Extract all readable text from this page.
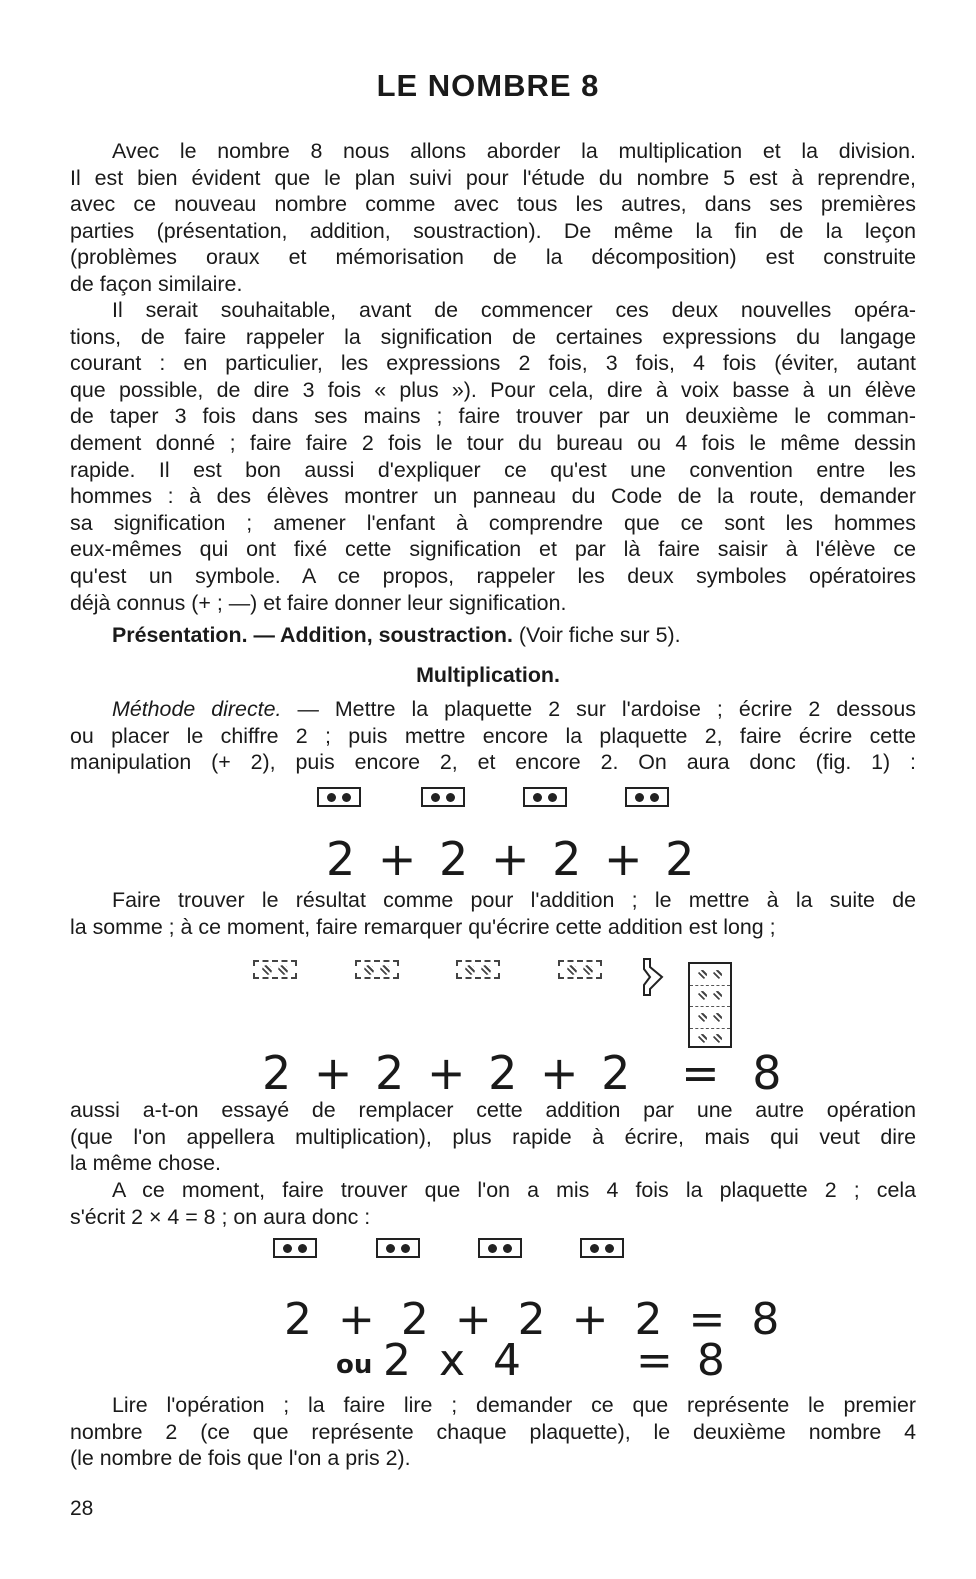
LE NOMBRE 8
Avec le nombre 8 nous allons aborder la multiplication et la division.
Il est bien évident que le plan suivi pour l'étude du nombre 5 est à reprendre,
avec ce nouveau nombre comme avec tous les autres, dans ses premières
parties (présentation, addition, soustraction). De même la fin de la leçon
(problèmes oraux et mémorisation de la décomposition) est construite
de façon similaire.
Il serait souhaitable, avant de commencer ces deux nouvelles opéra-
tions, de faire rappeler la signification de certaines expressions du langage
courant : en particulier, les expressions 2 fois, 3 fois, 4 fois (éviter, autant
que possible, de dire 3 fois « plus »). Pour cela, dire à voix basse à un élève
de taper 3 fois dans ses mains ; faire trouver par un deuxième le comman-
dement donné ; faire faire 2 fois le tour du bureau ou 4 fois le même dessin
rapide. Il est bon aussi d'expliquer ce qu'est une convention entre les
hommes : à des élèves montrer un panneau du Code de la route, demander
sa signification ; amener l'enfant à comprendre que ce sont les hommes
eux-mêmes qui ont fixé cette signification et par là faire saisir à l'élève ce
qu'est un symbole. A ce propos, rappeler les deux symboles opératoires
déjà connus (+ ; —) et faire donner leur signification.
Présentation. — Addition, soustraction. (Voir fiche sur 5).
Multiplication.
Méthode directe. — Mettre la plaquette 2 sur l'ardoise ; écrire 2 dessous
ou placer le chiffre 2 ; puis mettre encore la plaquette 2, faire écrire cette
manipulation (+ 2), puis encore 2, et encore 2. On aura donc (fig. 1) :
2 + 2 + 2 + 2
Faire trouver le résultat comme pour l'addition ; le mettre à la suite de
la somme ; à ce moment, faire remarquer qu'écrire cette addition est long ;
2 + 2 + 2 + 2 = 8
aussi a-t-on essayé de remplacer cette addition par une autre opération
(que l'on appellera multiplication), plus rapide à écrire, mais qui veut dire
la même chose.
A ce moment, faire trouver que l'on a mis 4 fois la plaquette 2 ; cela
s'écrit 2 × 4 = 8 ; on aura donc :
2 + 2 + 2 + 2 = 8
ou 2 x 4	= 8
Lire l'opération ; la faire lire ; demander ce que représente le premier
nombre 2 (ce que représente chaque plaquette), le deuxième nombre 4
(le nombre de fois que l'on a pris 2).
28
